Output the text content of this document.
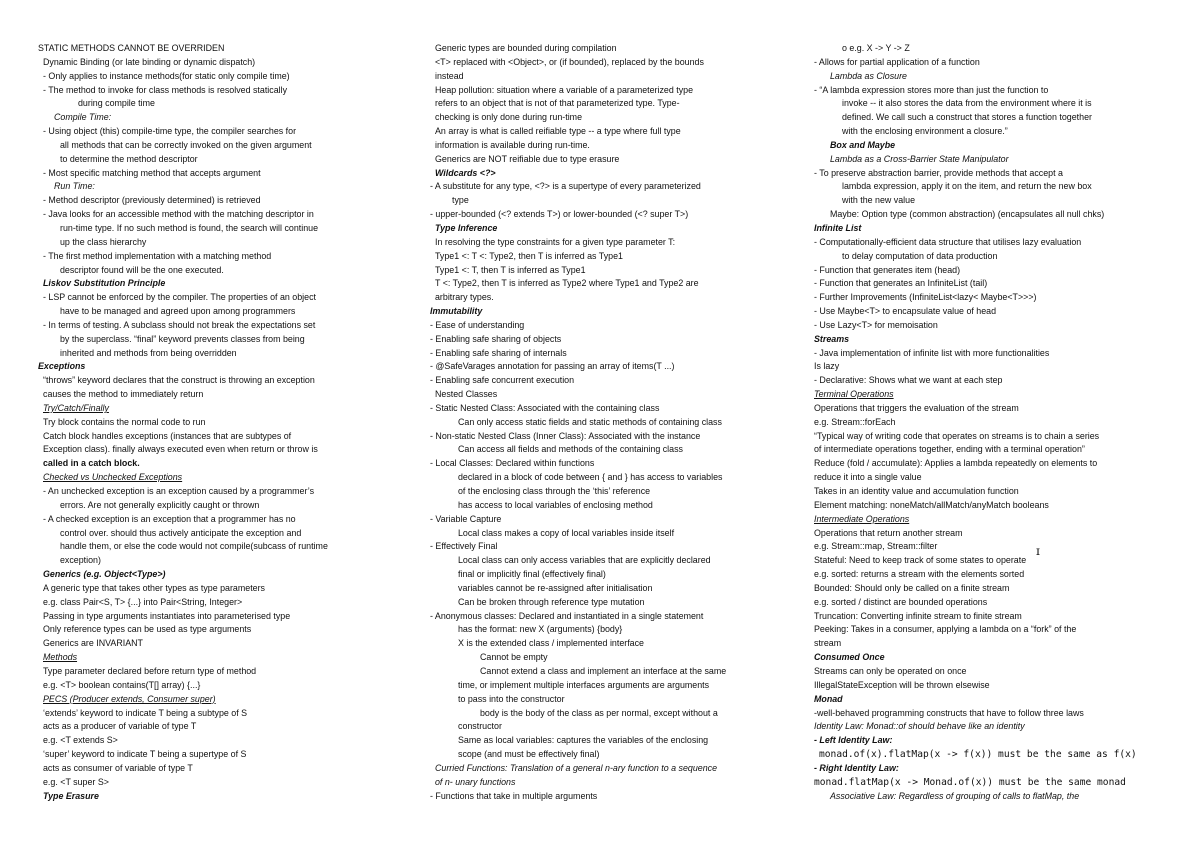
STATIC METHODS CANNOT BE OVERRIDEN
Dynamic Binding (or late binding or dynamic dispatch)
- Only applies to instance methods(for static only compile time)
- The method to invoke for class methods is resolved statically
during compile time
Compile Time:
- Using object (this) compile-time type, the compiler searches for
all methods that can be correctly invoked on the given argument
to determine the method descriptor
- Most specific matching method that accepts argument
Run Time:
- Method descriptor (previously determined) is retrieved
- Java looks for an accessible method with the matching descriptor in
run-time type. If no such method is found, the search will continue
up the class hierarchy
- The first method implementation with a matching method
descriptor found will be the one executed.
Liskov Substitution Principle
- LSP cannot be enforced by the compiler. The properties of an object
have to be managed and agreed upon among programmers
- In terms of testing. A subclass should not break the expectations set
by the superclass. “final” keyword prevents classes from being
inherited and methods from being overridden
Exceptions
“throws” keyword declares that the construct is throwing an exception
causes the method to immediately return
Try/Catch/Finally
Try block contains the normal code to run
Catch block handles exceptions (instances that are subtypes of
Exception class). finally always executed even when return or throw is
called in a catch block.
Checked vs Unchecked Exceptions
- An unchecked exception is an exception caused by a programmer’s
errors. Are not generally explicitly caught or thrown
- A checked exception is an exception that a programmer has no
control over. should thus actively anticipate the exception and
handle them, or else the code would not compile(subcass of runtime
exception)
Generics (e.g. Object<Type>)
A generic type that takes other types as type parameters
e.g. class Pair<S, T> {...} into Pair<String, Integer>
Passing in type arguments instantiates into parameterised type
Only reference types can be used as type arguments
Generics are INVARIANT
Methods
Type parameter declared before return type of method
e.g. <T> boolean contains(T[] array) {...}
PECS (Producer extends, Consumer super)
‘extends’ keyword to indicate T being a subtype of S
acts as a producer of variable of type T
e.g. <T extends S>
‘super’ keyword to indicate T being a supertype of S
acts as consumer of variable of type T
e.g. <T super S>
Type Erasure
Generic types are bounded during compilation
<T> replaced with <Object>, or (if bounded), replaced by the bounds
instead
Heap pollution: situation where a variable of a parameterized type
refers to an object that is not of that parameterized type. Type-
checking is only done during run-time
An array is what is called reifiable type -- a type where full type
information is available during run-time.
Generics are NOT reifiable due to type erasure
Wildcards <?>
- A substitute for any type, <?> is a supertype of every parameterized
type
- upper-bounded (<? extends T>) or lower-bounded (<? super T>)
Type Inference
In resolving the type constraints for a given type parameter T:
Type1 <: T <: Type2, then T is inferred as Type1
Type1 <: T, then T is inferred as Type1
T <: Type2, then T is inferred as Type2 where Type1 and Type2 are
arbitrary types.
Immutability
- Ease of understanding
- Enabling safe sharing of objects
- Enabling safe sharing of internals
- @SafeVarages annotation for passing an array of items(T ...)
- Enabling safe concurrent execution
Nested Classes
- Static Nested Class: Associated with the containing class
Can only access static fields and static methods of containing class
- Non-static Nested Class (Inner Class): Associated with the instance
Can access all fields and methods of the containing class
- Local Classes: Declared within functions
declared in a block of code between { and } has access to variables
of the enclosing class through the ‘this’ reference
has access to local variables of enclosing method
- Variable Capture
Local class makes a copy of local variables inside itself
- Effectively Final
Local class can only access variables that are explicitly declared
final or implicitly final (effectively final)
variables cannot be re-assigned after initialisation
Can be broken through reference type mutation
- Anonymous classes: Declared and instantiated in a single statement
has the format: new X (arguments) {body}
X is the extended class / implemented interface
Cannot be empty
Cannot extend a class and implement an interface at the same
time, or implement multiple interfaces arguments are arguments
to pass into the constructor
body is the body of the class as per normal, except without a
constructor
Same as local variables: captures the variables of the enclosing
scope (and must be effectively final)
Curried Functions: Translation of a general n-ary function to a sequence
of n- unary functions
- Functions that take in multiple arguments
o e.g. X -> Y -> Z
- Allows for partial application of a function
Lambda as Closure
- “A lambda expression stores more than just the function to
invoke -- it also stores the data from the environment where it is
defined. We call such a construct that stores a function together
with the enclosing environment a closure.”
Box and Maybe
Lambda as a Cross-Barrier State Manipulator
- To preserve abstraction barrier, provide methods that accept a
lambda expression, apply it on the item, and return the new box
with the new value
Maybe: Option type (common abstraction) (encapsulates all null chks)
Infinite List
- Computationally-efficient data structure that utilises lazy evaluation
to delay computation of data production
- Function that generates item (head)
- Function that generates an InfiniteList (tail)
- Further Improvements (InfiniteList<lazy< Maybe<T>>>)
- Use Maybe<T> to encapsulate value of head
- Use Lazy<T> for memoisation
Streams
- Java implementation of infinite list with more functionalities
Is lazy
- Declarative: Shows what we want at each step
Terminal Operations
Operations that triggers the evaluation of the stream
e.g. Stream::forEach
“Typical way of writing code that operates on streams is to chain a series
of intermediate operations together, ending with a terminal operation”
Reduce (fold / accumulate): Applies a lambda repeatedly on elements to
reduce it into a single value
Takes in an identity value and accumulation function
Element matching: noneMatch/allMatch/anyMatch booleans
Intermediate Operations
Operations that return another stream
e.g. Stream::map, Stream::filter
Stateful: Need to keep track of some states to operate
e.g. sorted: returns a stream with the elements sorted
Bounded: Should only be called on a finite stream
e.g. sorted / distinct are bounded operations
Truncation: Converting infinite stream to finite stream
Peeking: Takes in a consumer, applying a lambda on a “fork” of the
stream
Consumed Once
Streams can only be operated on once
IllegalStateException will be thrown elsewise
Monad
-well-behaved programming constructs that have to follow three laws
Identity Law: Monad::of should behave like an identity
- Left Identity Law:
monad.of(x).flatMap(x -> f(x)) must be the same as f(x)
- Right Identity Law:
monad.flatMap(x -> Monad.of(x)) must be the same monad
Associative Law: Regardless of grouping of calls to flatMap, the
ɪ
